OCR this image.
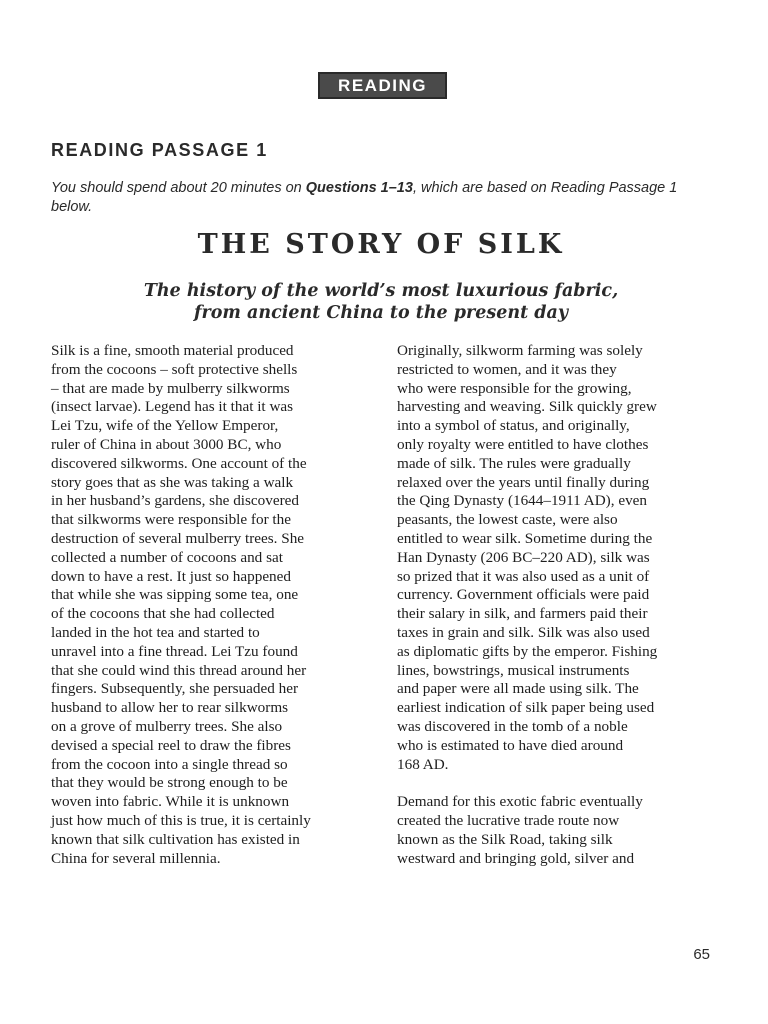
READING
READING PASSAGE 1

You should spend about 20 minutes on Questions 1–13, which are based on Reading Passage 1 below.

THE STORY OF SILK
The history of the world’s most luxurious fabric,
from ancient China to the present day
Silk is a fine, smooth material produced
from the cocoons – soft protective shells
– that are made by mulberry silkworms
(insect larvae). Legend has it that it was
Lei Tzu, wife of the Yellow Emperor,
ruler of China in about 3000 BC, who
discovered silkworms. One account of the
story goes that as she was taking a walk
in her husband’s gardens, she discovered
that silkworms were responsible for the
destruction of several mulberry trees. She
collected a number of cocoons and sat
down to have a rest. It just so happened
that while she was sipping some tea, one
of the cocoons that she had collected
landed in the hot tea and started to
unravel into a fine thread. Lei Tzu found
that she could wind this thread around her
fingers. Subsequently, she persuaded her
husband to allow her to rear silkworms
on a grove of mulberry trees. She also
devised a special reel to draw the fibres
from the cocoon into a single thread so
that they would be strong enough to be
woven into fabric. While it is unknown
just how much of this is true, it is certainly
known that silk cultivation has existed in
China for several millennia.
Originally, silkworm farming was solely
restricted to women, and it was they
who were responsible for the growing,
harvesting and weaving. Silk quickly grew
into a symbol of status, and originally,
only royalty were entitled to have clothes
made of silk. The rules were gradually
relaxed over the years until finally during
the Qing Dynasty (1644–1911 AD), even
peasants, the lowest caste, were also
entitled to wear silk. Sometime during the
Han Dynasty (206 BC–220 AD), silk was
so prized that it was also used as a unit of
currency. Government officials were paid
their salary in silk, and farmers paid their
taxes in grain and silk. Silk was also used
as diplomatic gifts by the emperor. Fishing
lines, bowstrings, musical instruments
and paper were all made using silk. The
earliest indication of silk paper being used
was discovered in the tomb of a noble
who is estimated to have died around
168 AD.
Demand for this exotic fabric eventually
created the lucrative trade route now
known as the Silk Road, taking silk
westward and bringing gold, silver and
65
